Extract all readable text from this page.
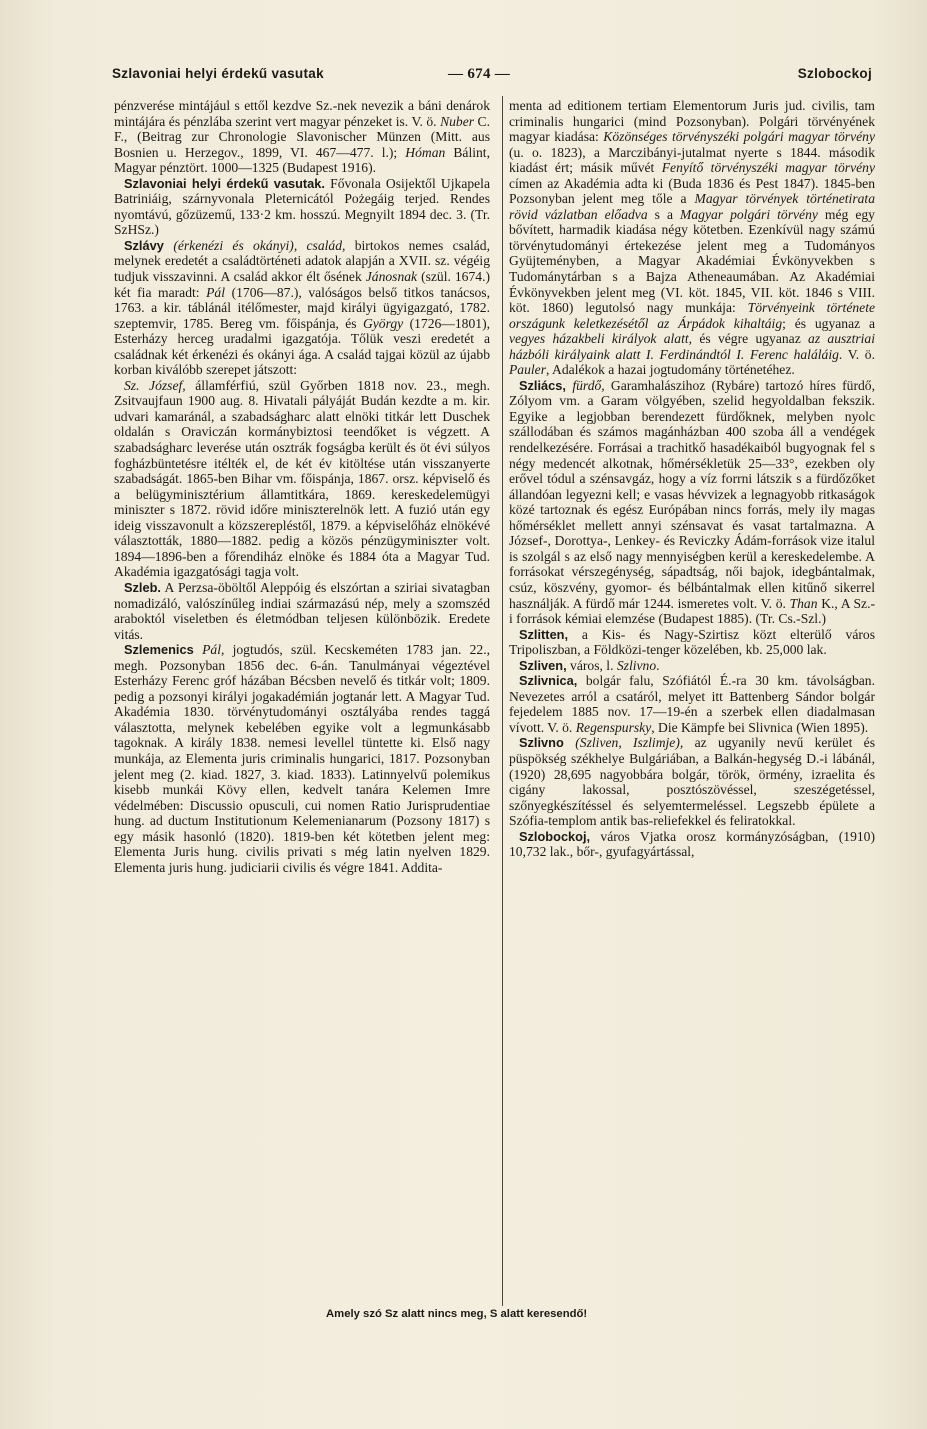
Szlavoniai helyi érdekű vasutak	— 674 —	Szlobockoj

pénzverése mintájául s ettől kezdve Sz.-nek nevezik a báni denárok mintájára és pénzlába szerint vert magyar pénzeket is. V. ö. Nuber C. F., (Beitrag zur Chronologie Slavonischer Münzen (Mitt. aus Bosnien u. Herzegov., 1899, VI. 467—477. l.); Hóman Bálint, Magyar pénztört. 1000—1325 (Budapest 1916).

Szlavoniai helyi érdekű vasutak. Fővonala Osijektől Ujkapela Batriniáig, szárnyvonala Pleternicától Pożegáig terjed. Rendes nyomtávú, gőzüzemű, 133·2 km. hosszú. Megnyilt 1894 dec. 3. (Tr. SzHSz.)

Szlávy (érkenézi és okányi), család, birtokos nemes család, melynek eredetét a családtörténeti adatok alapján a XVII. sz. végéig tudjuk visszavinni. A család akkor élt ősének Jánosnak (szül. 1674.) két fia maradt: Pál (1706—87.), valóságos belső titkos tanácsos, 1763. a kir. táblánál itélőmester, majd királyi ügyigazgató, 1782. szeptemvir, 1785. Bereg vm. főispánja, és György (1726—1801), Esterházy herceg uradalmi igazgatója. Tőlük veszi eredetét a családnak két érkenézi és okányi ága. A család tajgai közül az újabb korban kiválóbb szerepet játszott:

Sz. József, államférfiú, szül Győrben 1818 nov. 23., megh. Zsitvaujfaun 1900 aug. 8. Hivatali pályáját Budán kezdte a m. kir. udvari kamaránál, a szabadságharc alatt elnöki titkár lett Duschek oldalán s Oraviczán kormánybiztosi teendőket is végzett. A szabadságharc leverése után osztrák fogságba került és öt évi súlyos fogházbüntetésre itélték el, de két év kitöltése után visszanyerte szabadságát. 1865-ben Bihar vm. főispánja, 1867. orsz. képviselő és a belügyminisztérium államtitkára, 1869. kereskedelemügyi miniszter s 1872. rövid időre miniszterelnök lett. A fuzió után egy ideig visszavonult a közszerepléstől, 1879. a képviselőház elnökévé választották, 1880—1882. pedig a közös pénzügyminiszter volt. 1894—1896-ben a főrendiház elnöke és 1884 óta a Magyar Tud. Akadémia igazgatósági tagja volt.

Szleb. A Perzsa-öböltől Aleppóig és elszórtan a sziriai sivatagban nomadizáló, valószínűleg indiai származású nép, mely a szomszéd araboktól viseletben és életmódban teljesen különbözik. Eredete vitás.

Szlemenics Pál, jogtudós, szül. Kecskeméten 1783 jan. 22., megh. Pozsonyban 1856 dec. 6-án. Tanulmányai végeztével Esterházy Ferenc gróf házában Bécsben nevelő és titkár volt; 1809. pedig a pozsonyi királyi jogakadémián jogtanár lett. A Magyar Tud. Akadémia 1830. törvénytudományi osztályába rendes taggá választotta, melynek kebelében egyike volt a legmunkásabb tagoknak. A király 1838. nemesi levellel tüntette ki. Első nagy munkája, az Elementa juris criminalis hungarici, 1817. Pozsonyban jelent meg (2. kiad. 1827, 3. kiad. 1833). Latinnyelvű polemikus kisebb munkái Kövy ellen, kedvelt tanára Kelemen Imre védelmében: Discussio opusculi, cui nomen Ratio Jurisprudentiae hung. ad ductum Institutionum Kelemenianarum (Pozsony 1817) s egy másik hasonló (1820). 1819-ben két kötetben jelent meg: Elementa Juris hung. civilis privati s még latin nyelven 1829. Elementa juris hung. judiciarii civilis és végre 1841. Addita-

menta ad editionem tertiam Elementorum Juris jud. civilis, tam criminalis hungarici (mind Pozsonyban). Polgári törvényének magyar kiadása: Közönséges törvényszéki polgári magyar törvény (u. o. 1823), a Marczibányi-jutalmat nyerte s 1844. második kiadást ért; másik művét Fenyítő törvényszéki magyar törvény címen az Akadémia adta ki (Buda 1836 és Pest 1847). 1845-ben Pozsonyban jelent meg tőle a Magyar törvények történetirata rövid vázlatban előadva s a Magyar polgári törvény még egy bővített, harmadik kiadása négy kötetben. Ezenkívül nagy számú törvénytudományi értekezése jelent meg a Tudományos Gyüjteményben, a Magyar Akadémiai Évkönyvekben s Tudománytárban s a Bajza Atheneaumában. Az Akadémiai Évkönyvekben jelent meg (VI. köt. 1845, VII. köt. 1846 s VIII. köt. 1860) legutolsó nagy munkája: Törvényeink története országunk keletkezésétől az Árpádok kihaltáig; és ugyanaz a vegyes házakbeli királyok alatt, és végre ugyanaz az ausztriai házbóli királyaink alatt I. Ferdinándtól I. Ferenc haláláig. V. ö. Pauler, Adalékok a hazai jogtudomány történetéhez.

Szliács, fürdő, Garamhalászihoz (Rybáre) tartozó híres fürdő, Zólyom vm. a Garam völgyében, szelid hegyoldalban fekszik. Egyike a legjobban berendezett fürdőknek, melyben nyolc szállodában és számos magánházban 400 szoba áll a vendégek rendelkezésére. Forrásai a trachitkő hasadékaiból bugyognak fel s négy medencét alkotnak, hőmérsékletük 25—33°, ezekben oly erővel tódul a szénsavgáz, hogy a víz forrni látszik s a fürdőzőket állandóan legyezni kell; e vasas hévvizek a legnagyobb ritkaságok közé tartoznak és egész Európában nincs forrás, mely ily magas hőmérséklet mellett annyi szénsavat és vasat tartalmazna. A József-, Dorottya-, Lenkey- és Reviczky Ádám-források vize italul is szolgál s az első nagy mennyiségben kerül a kereskedelembe. A forrásokat vérszegénység, sápadtság, női bajok, idegbántalmak, csúz, köszvény, gyomor- és bélbántalmak ellen kitűnő sikerrel használják. A fürdő már 1244. ismeretes volt. V. ö. Than K., A Sz.-i források kémiai elemzése (Budapest 1885). (Tr. Cs.-Szl.)

Szlitten, a Kis- és Nagy-Szirtisz közt elterülő város Tripoliszban, a Földközi-tenger közelében, kb. 25,000 lak.

Szliven, város, l. Szlivno.

Szlivnica, bolgár falu, Szófiától É.-ra 30 km. távolságban. Nevezetes arról a csatáról, melyet itt Battenberg Sándor bolgár fejedelem 1885 nov. 17—19-én a szerbek ellen diadalmasan vívott. V. ö. Regenspursky, Die Kämpfe bei Slivnica (Wien 1895).

Szlivno (Szliven, Iszlimje), az ugyanily nevű kerület és püspökség székhelye Bulgáriában, a Balkán-hegység D.-i lábánál, (1920) 28,695 nagyobbára bolgár, török, örmény, izraelita és cigány lakossal, posztószövéssel, szeszégetéssel, szőnyegkészítéssel és selyemtermeléssel. Legszebb épülete a Szófia-templom antik bas-reliefekkel és feliratokkal.

Szlobockoj, város Vjatka orosz kormányzóságban, (1910) 10,732 lak., bőr-, gyufagyártással,

Amely szó Sz alatt nincs meg, S alatt keresendő!
